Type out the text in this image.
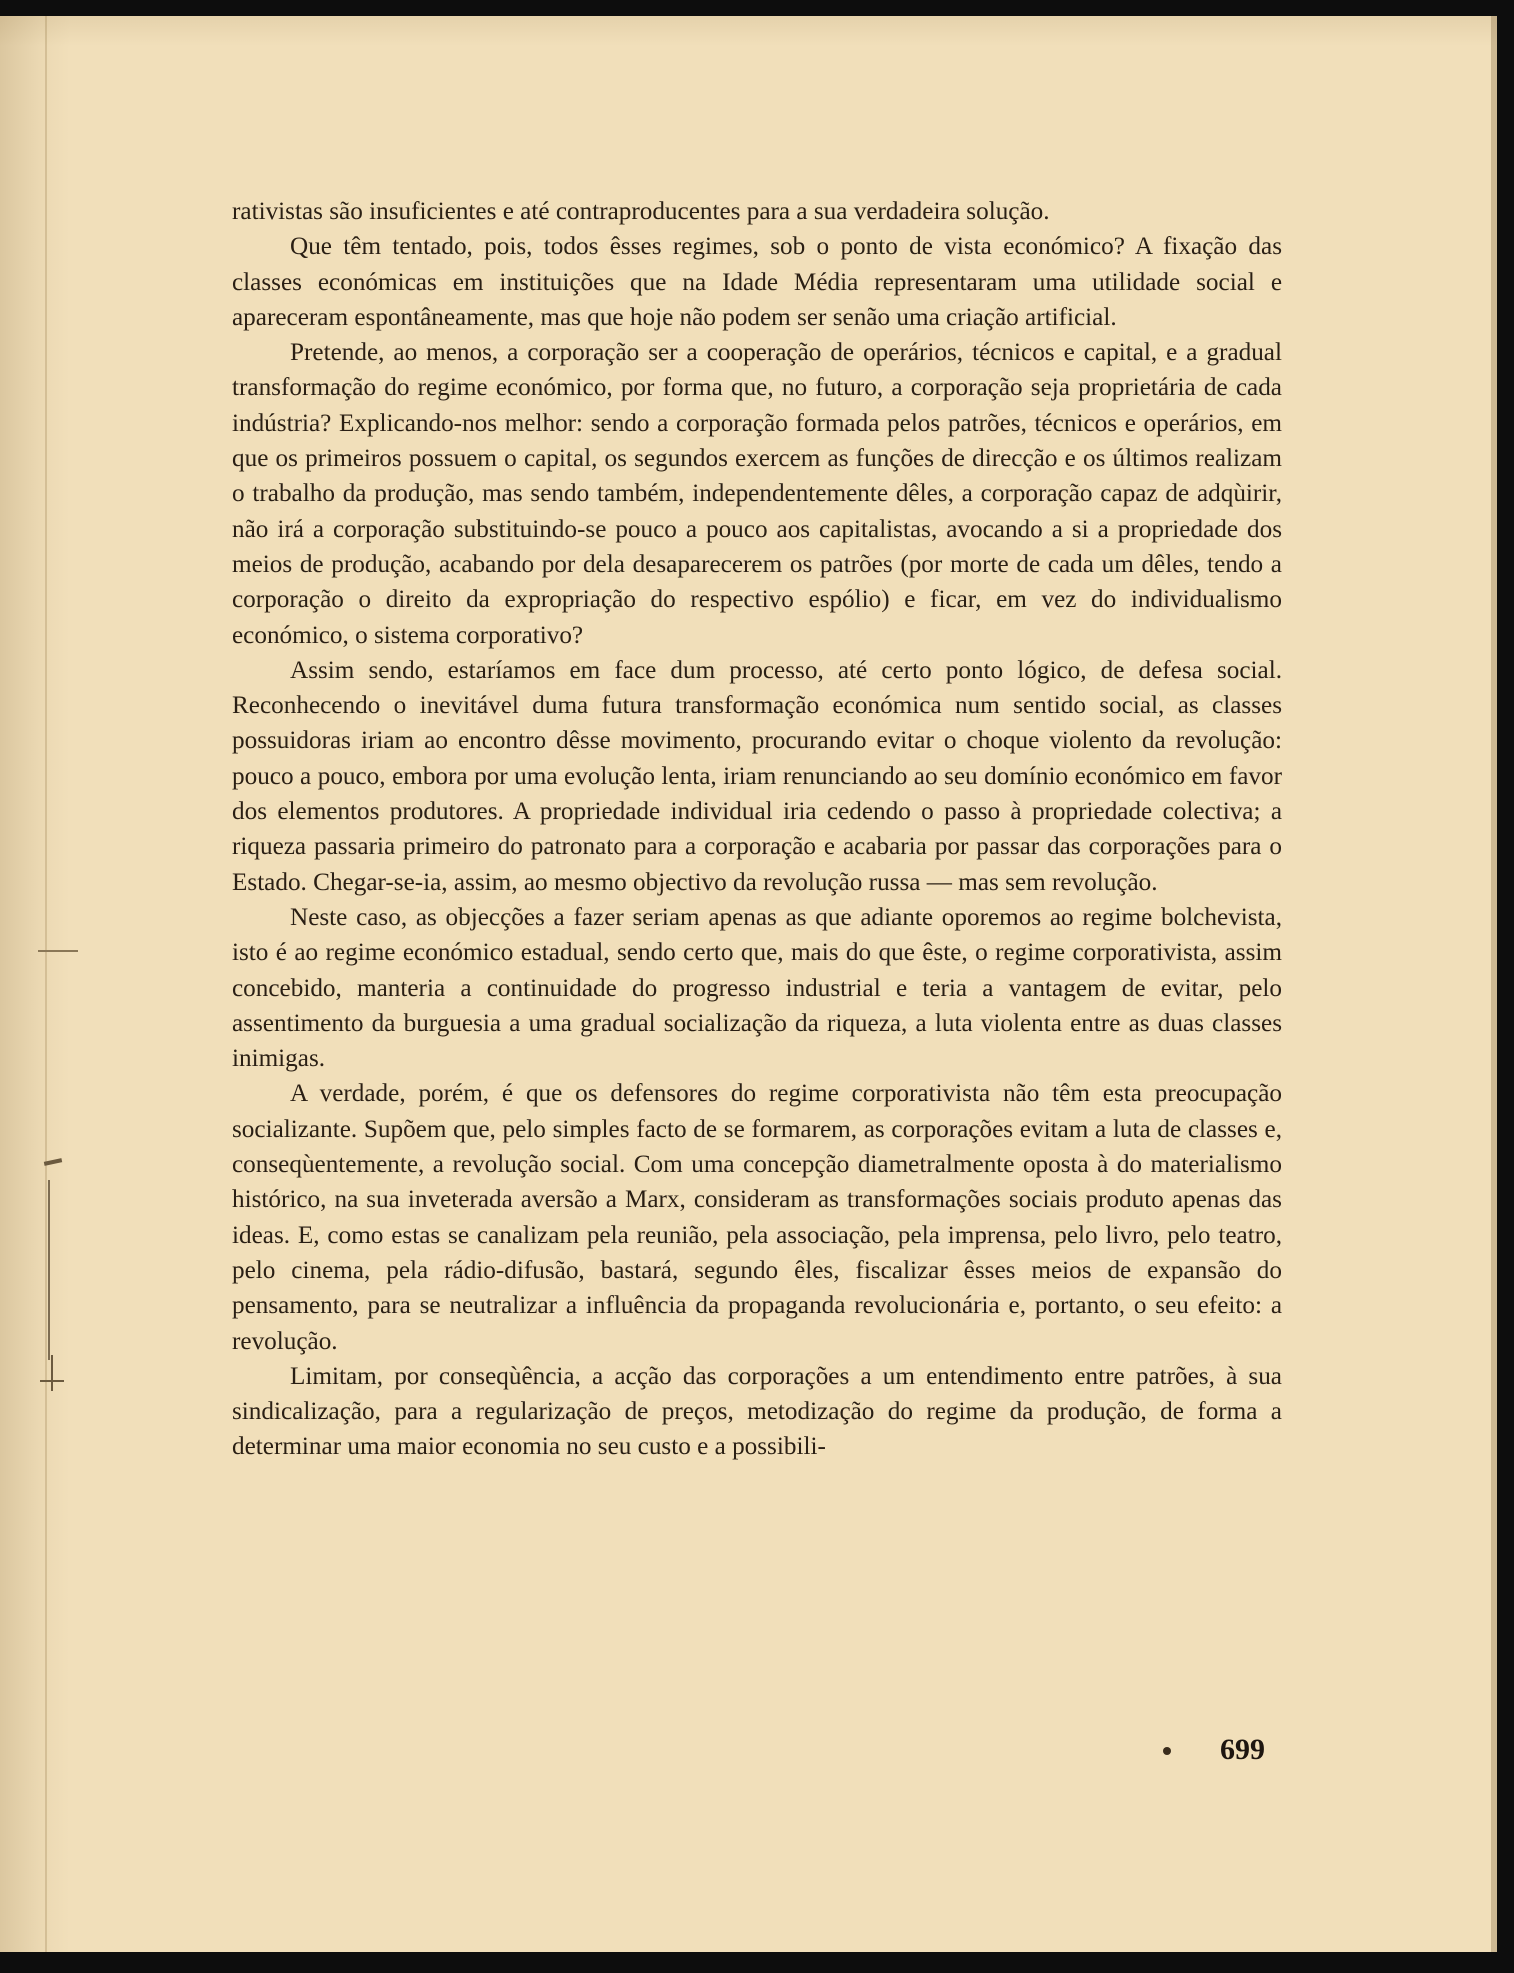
rativistas são insuficientes e até contraproducentes para a sua verdadeira solução.

Que têm tentado, pois, todos êsses regimes, sob o ponto de vista económico? A fixação das classes económicas em instituições que na Idade Média representaram uma utilidade social e apareceram espontâneamente, mas que hoje não podem ser senão uma criação artificial.

Pretende, ao menos, a corporação ser a cooperação de operários, técnicos e capital, e a gradual transformação do regime económico, por forma que, no futuro, a corporação seja proprietária de cada indústria? Explicando-nos melhor: sendo a corporação formada pelos patrões, técnicos e operários, em que os primeiros possuem o capital, os segundos exercem as funções de direcção e os últimos realizam o trabalho da produção, mas sendo também, independentemente dêles, a corporação capaz de adqùirir, não irá a corporação substituindo-se pouco a pouco aos capitalistas, avocando a si a propriedade dos meios de produção, acabando por dela desaparecerem os patrões (por morte de cada um dêles, tendo a corporação o direito da expropriação do respectivo espólio) e ficar, em vez do individualismo económico, o sistema corporativo?

Assim sendo, estaríamos em face dum processo, até certo ponto lógico, de defesa social. Reconhecendo o inevitável duma futura transformação económica num sentido social, as classes possuidoras iriam ao encontro dêsse movimento, procurando evitar o choque violento da revolução: pouco a pouco, embora por uma evolução lenta, iriam renunciando ao seu domínio económico em favor dos elementos produtores. A propriedade individual iria cedendo o passo à propriedade colectiva; a riqueza passaria primeiro do patronato para a corporação e acabaria por passar das corporações para o Estado. Chegar-se-ia, assim, ao mesmo objectivo da revolução russa — mas sem revolução.

Neste caso, as objecções a fazer seriam apenas as que adiante oporemos ao regime bolchevista, isto é ao regime económico estadual, sendo certo que, mais do que êste, o regime corporativista, assim concebido, manteria a continuidade do progresso industrial e teria a vantagem de evitar, pelo assentimento da burguesia a uma gradual socialização da riqueza, a luta violenta entre as duas classes inimigas.

A verdade, porém, é que os defensores do regime corporativista não têm esta preocupação socializante. Supõem que, pelo simples facto de se formarem, as corporações evitam a luta de classes e, conseqùentemente, a revolução social. Com uma concepção diametralmente oposta à do materialismo histórico, na sua inveterada aversão a Marx, consideram as transformações sociais produto apenas das ideas. E, como estas se canalizam pela reunião, pela associação, pela imprensa, pelo livro, pelo teatro, pelo cinema, pela rádio-difusão, bastará, segundo êles, fiscalizar êsses meios de expansão do pensamento, para se neutralizar a influência da propaganda revolucionária e, portanto, o seu efeito: a revolução.

Limitam, por conseqùência, a acção das corporações a um entendimento entre patrões, à sua sindicalização, para a regularização de preços, metodização do regime da produção, de forma a determinar uma maior economia no seu custo e a possibili-

699
